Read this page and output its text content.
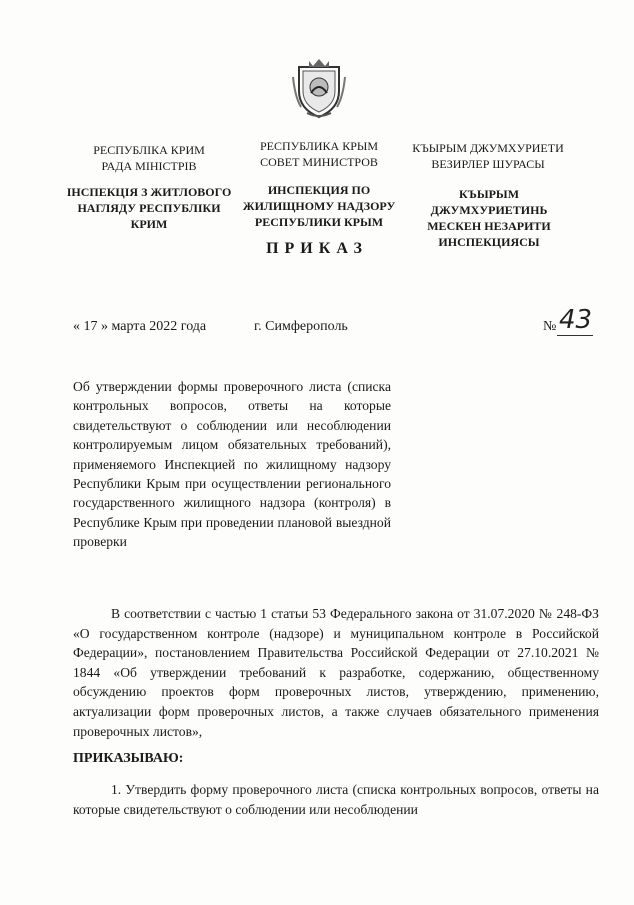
РЕСПУБЛІКА КРИМ
РАДА МІНІСТРІВ
РЕСПУБЛИКА КРЫМ
СОВЕТ МИНИСТРОВ
КЪЫРЫМ ДЖУМХУРИЕТИ
ВЕЗИРЛЕР ШУРАСЫ
ІНСПЕКЦІЯ З ЖИТЛОВОГО
НАГЛЯДУ РЕСПУБЛІКИ
КРИМ
ИНСПЕКЦИЯ ПО
ЖИЛИЩНОМУ НАДЗОРУ
РЕСПУБЛИКИ КРЫМ
КЪЫРЫМ ДЖУМХУРИЕТИНЬ
МЕСКЕН НЕЗАРИТИ
ИНСПЕКЦИЯСЫ
ПРИКАЗ
« 17 » марта 2022 года	г. Симферополь	№ 43
Об утверждении формы проверочного листа (списка контрольных вопросов, ответы на которые свидетельствуют о соблюдении или несоблюдении контролируемым лицом обязательных требований), применяемого Инспекцией по жилищному надзору Республики Крым при осуществлении регионального государственного жилищного надзора (контроля) в Республике Крым при проведении плановой выездной проверки
В соответствии с частью 1 статьи 53 Федерального закона от 31.07.2020 № 248-ФЗ «О государственном контроле (надзоре) и муниципальном контроле в Российской Федерации», постановлением Правительства Российской Федерации от 27.10.2021 № 1844 «Об утверждении требований к разработке, содержанию, общественному обсуждению проектов форм проверочных листов, утверждению, применению, актуализации форм проверочных листов, а также случаев обязательного применения проверочных листов»,
ПРИКАЗЫВАЮ:
1. Утвердить форму проверочного листа (списка контрольных вопросов, ответы на которые свидетельствуют о соблюдении или несоблюдении
